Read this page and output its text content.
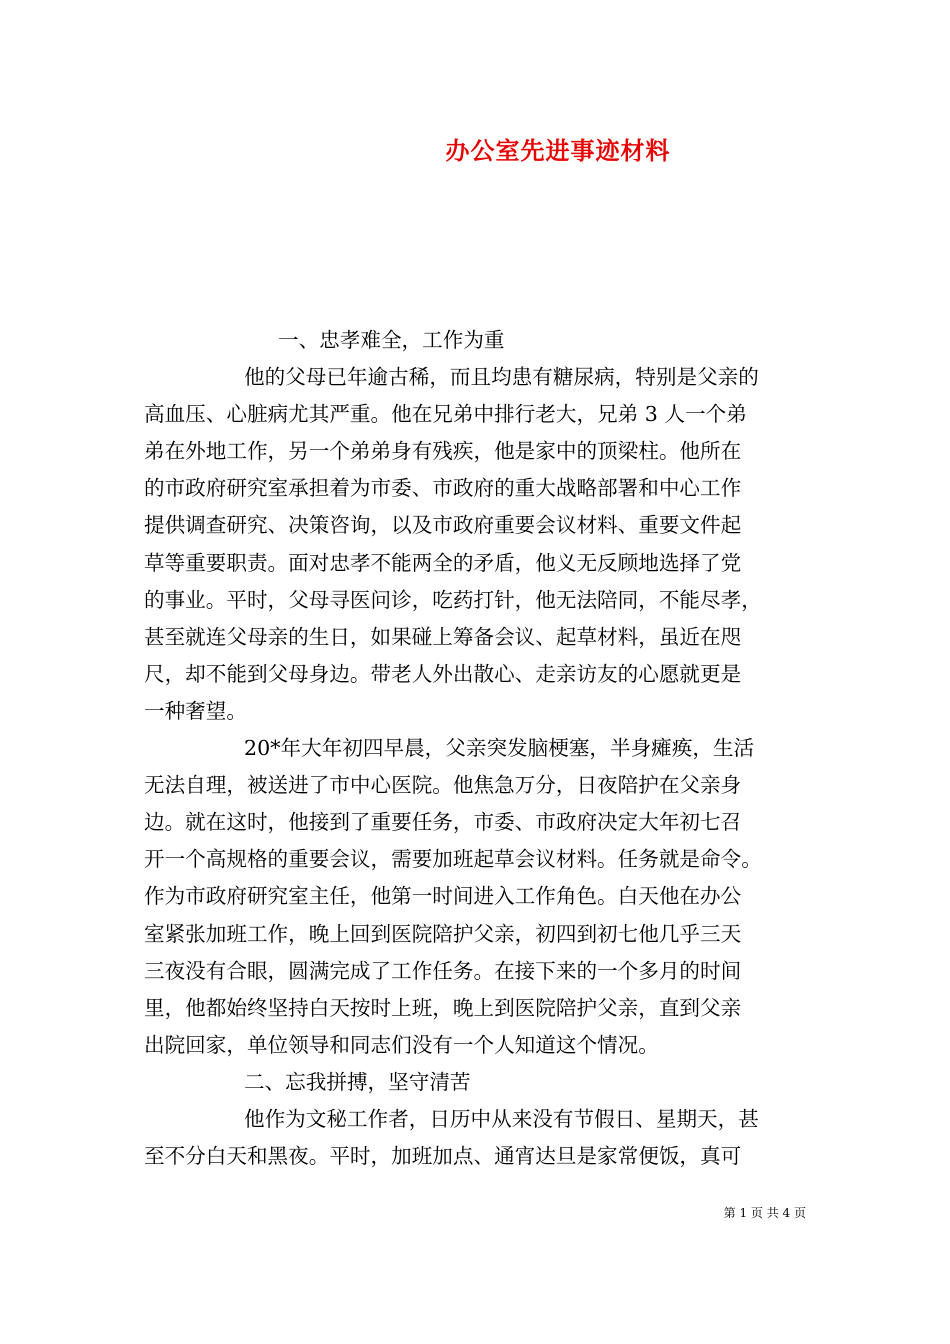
办公室先进事迹材料
一、忠孝难全，工作为重
他的父母已年逾古稀，而且均患有糖尿病，特别是父亲的
高血压、心脏病尤其严重。他在兄弟中排行老大，兄弟 3 人一个弟
弟在外地工作，另一个弟弟身有残疾，他是家中的顶梁柱。他所在
的市政府研究室承担着为市委、市政府的重大战略部署和中心工作
提供调查研究、决策咨询，以及市政府重要会议材料、重要文件起
草等重要职责。面对忠孝不能两全的矛盾，他义无反顾地选择了党
的事业。平时，父母寻医问诊，吃药打针，他无法陪同，不能尽孝，
甚至就连父母亲的生日，如果碰上筹备会议、起草材料，虽近在咫
尺，却不能到父母身边。带老人外出散心、走亲访友的心愿就更是
一种奢望。
20*年大年初四早晨，父亲突发脑梗塞，半身瘫痪，生活
无法自理，被送进了市中心医院。他焦急万分，日夜陪护在父亲身
边。就在这时，他接到了重要任务，市委、市政府决定大年初七召
开一个高规格的重要会议，需要加班起草会议材料。任务就是命令。
作为市政府研究室主任，他第一时间进入工作角色。白天他在办公
室紧张加班工作，晚上回到医院陪护父亲，初四到初七他几乎三天
三夜没有合眼，圆满完成了工作任务。在接下来的一个多月的时间
里，他都始终坚持白天按时上班，晚上到医院陪护父亲，直到父亲
出院回家，单位领导和同志们没有一个人知道这个情况。
二、忘我拼搏，坚守清苦
他作为文秘工作者，日历中从来没有节假日、星期天，甚
至不分白天和黑夜。平时，加班加点、通宵达旦是家常便饭，真可
第 1 页 共 4 页
